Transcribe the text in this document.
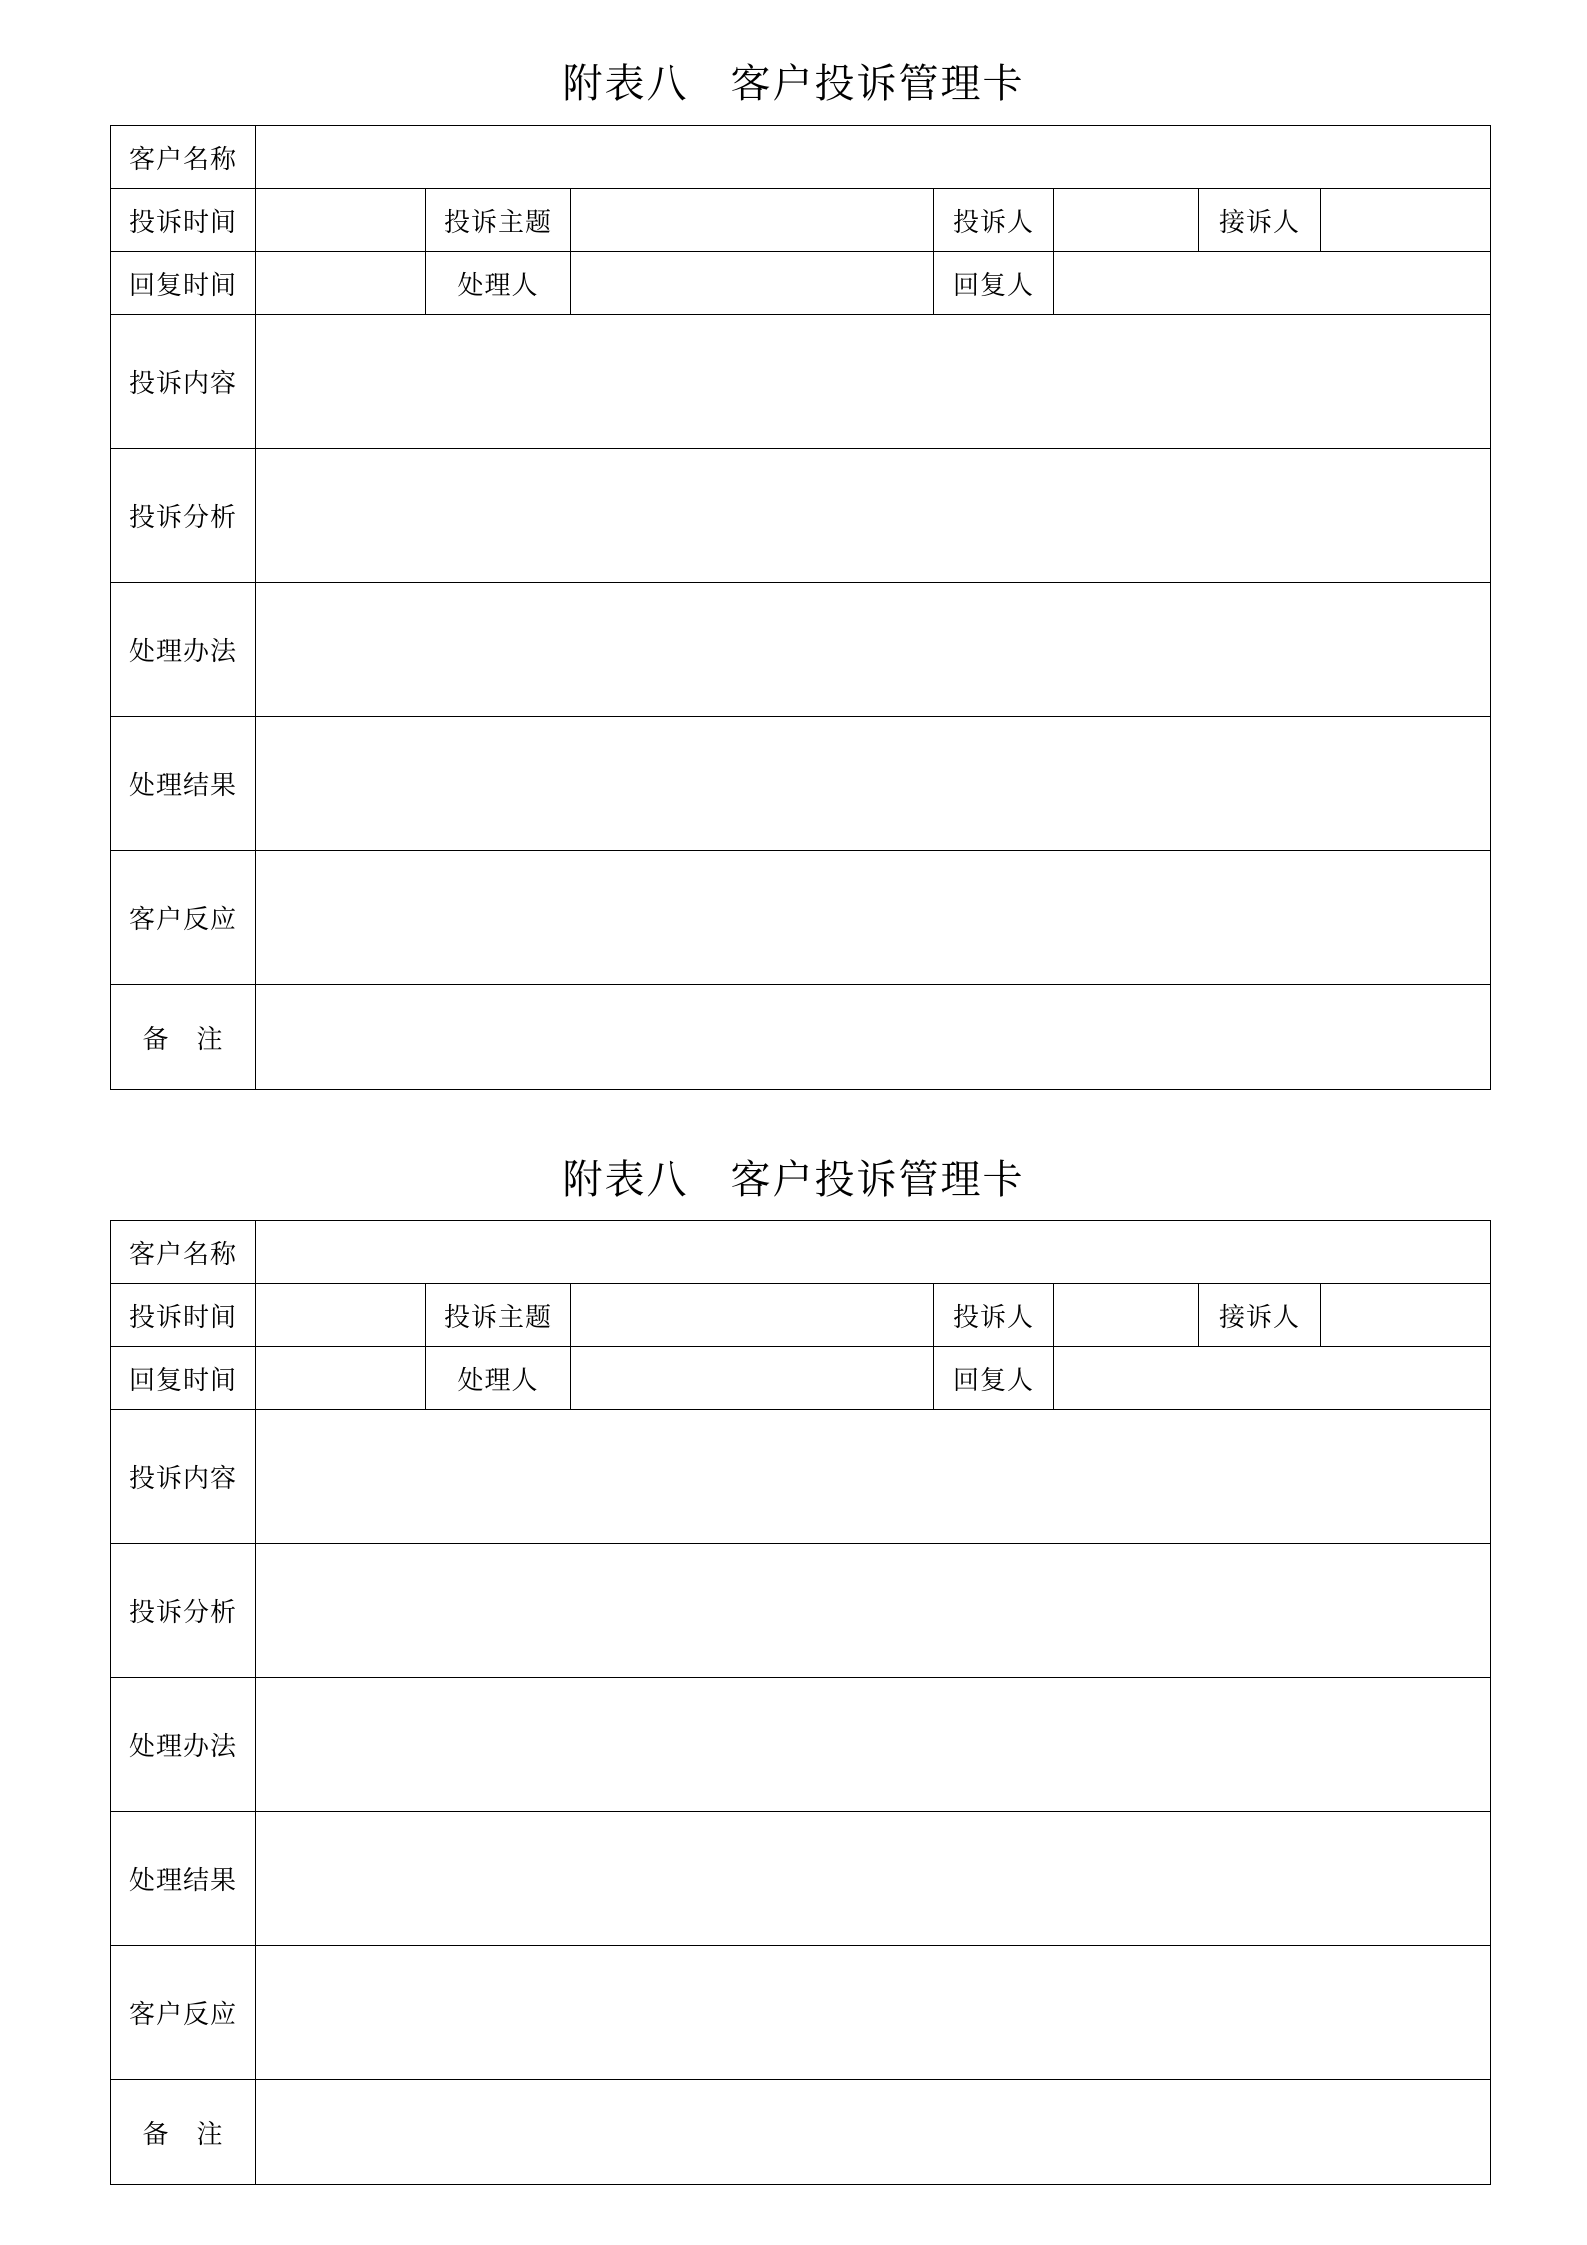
附表八　客户投诉管理卡
客户名称							
投诉时间		投诉主题		投诉人		接诉人	
回复时间		处理人		回复人			
投诉内容							
投诉分析							
处理办法							
处理结果							
客户反应							
备　注							
附表八　客户投诉管理卡
客户名称							
投诉时间		投诉主题		投诉人		接诉人	
回复时间		处理人		回复人			
投诉内容							
投诉分析							
处理办法							
处理结果							
客户反应							
备　注							
